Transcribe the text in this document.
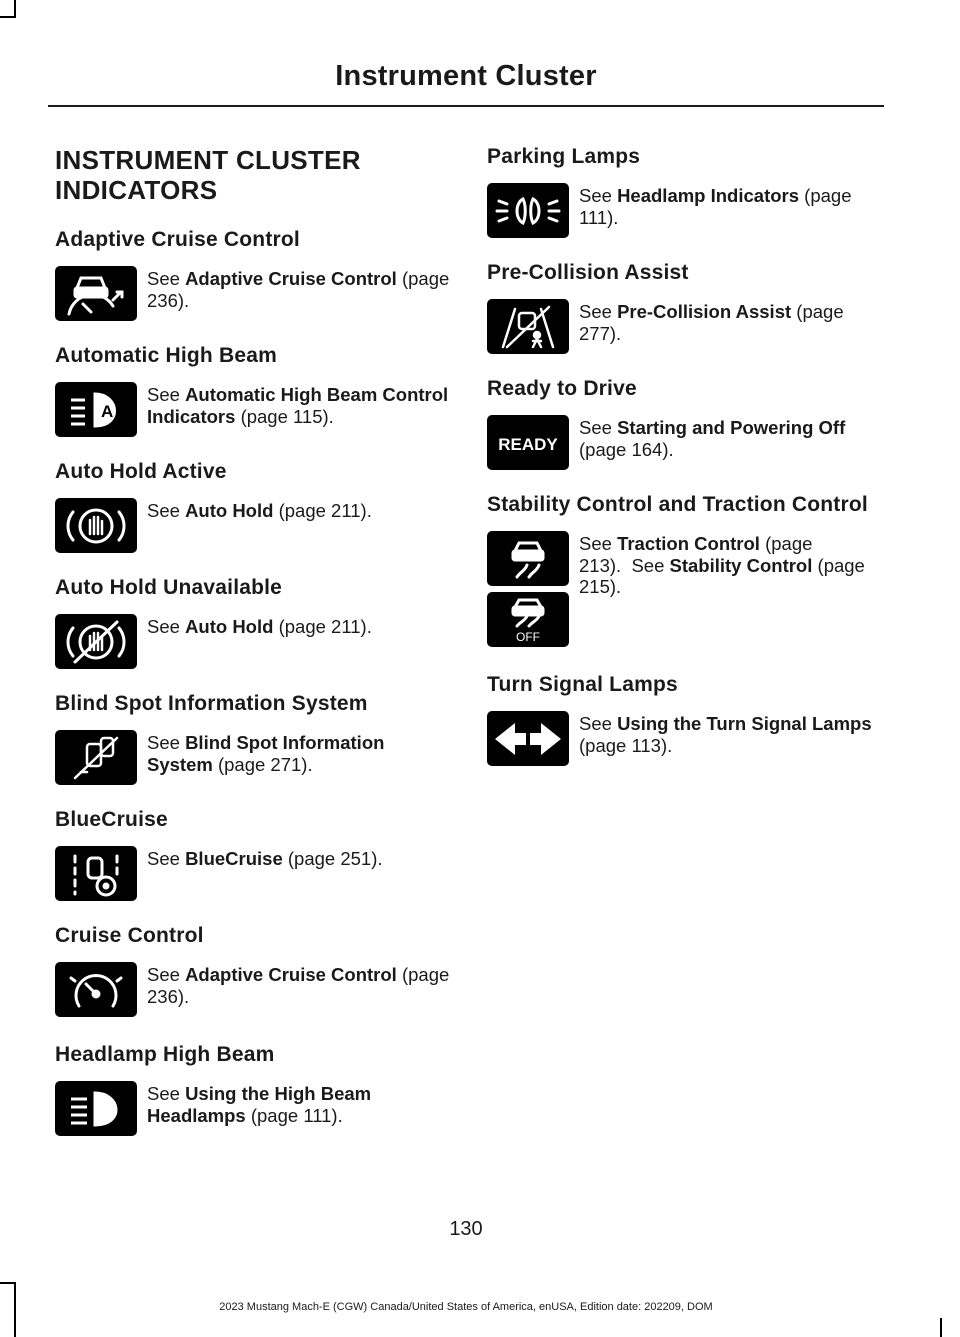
Instrument Cluster
INSTRUMENT CLUSTER INDICATORS
Adaptive Cruise Control
See Adaptive Cruise Control (page 236).
Automatic High Beam
A
See Automatic High Beam Control Indicators (page 115).
Auto Hold Active
See Auto Hold (page 211).
Auto Hold Unavailable
See Auto Hold (page 211).
Blind Spot Information System
See Blind Spot Information System (page 271).
BlueCruise
See BlueCruise (page 251).
Cruise Control
See Adaptive Cruise Control (page 236).
Headlamp High Beam
See Using the High Beam Headlamps (page 111).
Parking Lamps
See Headlamp Indicators (page 111).
Pre-Collision Assist
See Pre-Collision Assist (page 277).
Ready to Drive
READY
See Starting and Powering Off (page 164).
Stability Control and Traction Control
OFF
See Traction Control (page 213). See Stability Control (page 215).
Turn Signal Lamps
See Using the Turn Signal Lamps (page 113).
130
2023 Mustang Mach-E (CGW) Canada/United States of America, enUSA, Edition date: 202209, DOM
